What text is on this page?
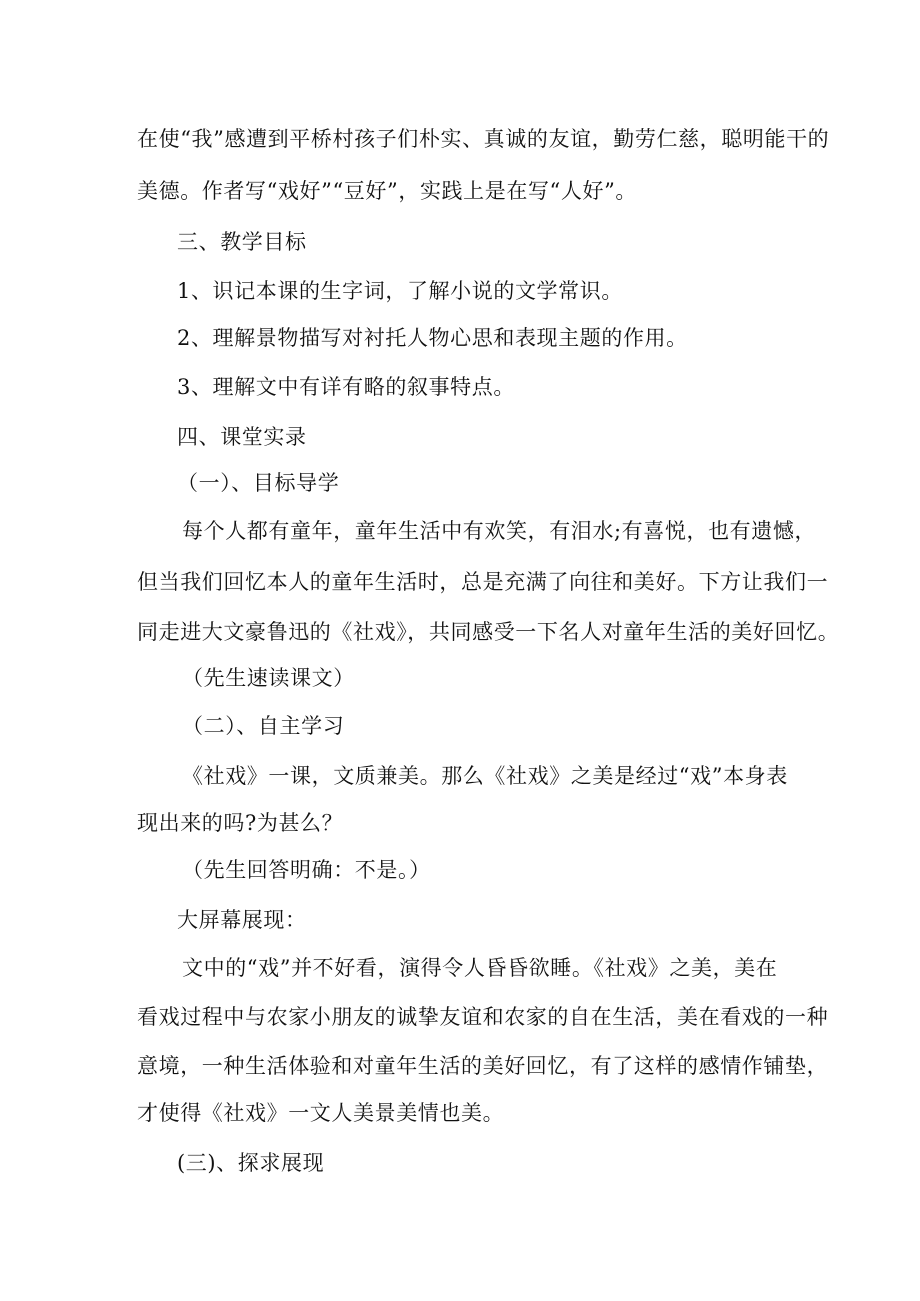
在使“我”感遭到平桥村孩子们朴实、真诚的友谊，勤劳仁慈，聪明能干的
美德。作者写“戏好”“豆好”，实践上是在写“人好”。
三、教学目标
1、识记本课的生字词，了解小说的文学常识。
2、理解景物描写对衬托人物心思和表现主题的作用。
3、理解文中有详有略的叙事特点。
四、课堂实录
（一）、目标导学
每个人都有童年，童年生活中有欢笑，有泪水;有喜悦，也有遗憾，
但当我们回忆本人的童年生活时，总是充满了向往和美好。下方让我们一
同走进大文豪鲁迅的《社戏》，共同感受一下名人对童年生活的美好回忆。
（先生速读课文）
（二）、自主学习
《社戏》一课，文质兼美。那么《社戏》之美是经过“戏”本身表
现出来的吗?为甚么？
（先生回答明确：不是。）
大屏幕展现：
文中的“戏”并不好看，演得令人昏昏欲睡。《社戏》之美，美在
看戏过程中与农家小朋友的诚挚友谊和农家的自在生活，美在看戏的一种
意境，一种生活体验和对童年生活的美好回忆，有了这样的感情作铺垫，
才使得《社戏》一文人美景美情也美。
(三)、探求展现
